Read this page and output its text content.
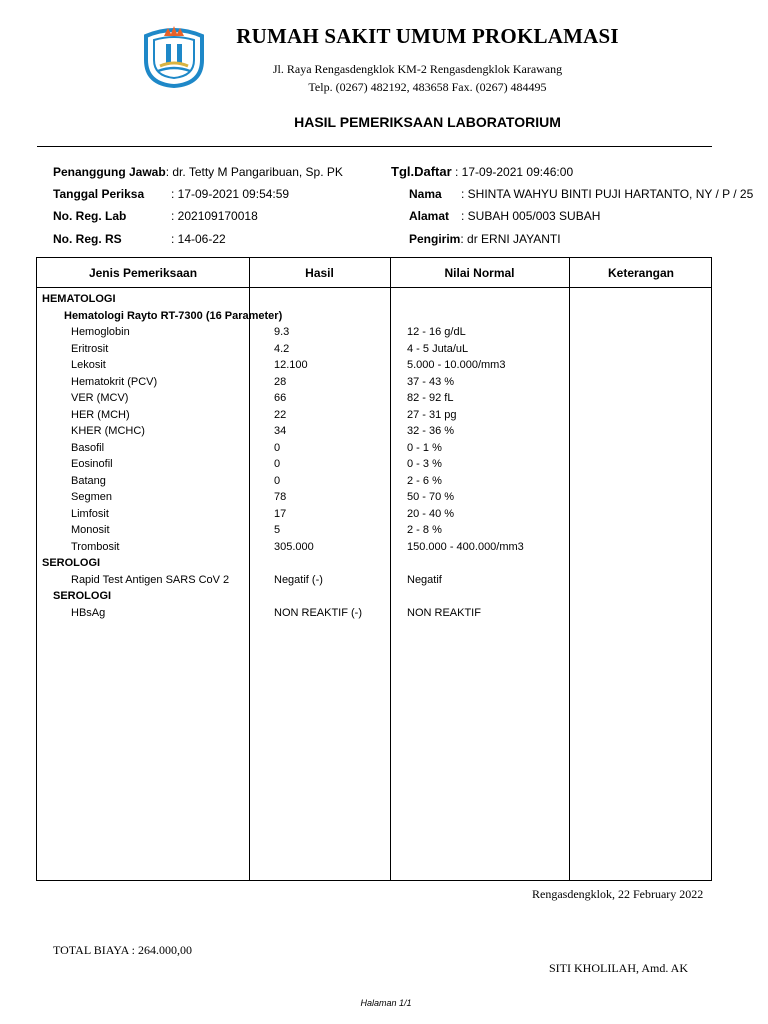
RUMAH SAKIT UMUM PROKLAMASI
Jl. Raya Rengasdengklok KM-2 Rengasdengklok Karawang
Telp. (0267) 482192, 483658 Fax. (0267) 484495
HASIL PEMERIKSAAN LABORATORIUM
Penanggung Jawab: dr. Tetty M Pangaribuan, Sp. PK
Tanggal Periksa : 17-09-2021 09:54:59
No. Reg. Lab	: 202109170018
No. Reg. RS	: 14-06-22
Tgl.Daftar : 17-09-2021 09:46:00
Nama : SHINTA WAHYU BINTI PUJI HARTANTO, NY / P / 25
Alamat : SUBAH 005/003 SUBAH
Pengirim: dr ERNI JAYANTI
Jenis Pemeriksaan	Hasil	Nilai Normal	Keterangan
HEMATOLOGI
Hematologi Rayto RT-7300 (16 Parameter)
Hemoglobin	9.3	12 - 16 g/dL
Eritrosit	4.2	4 - 5 Juta/uL
Lekosit	12.100	5.000 - 10.000/mm3
Hematokrit (PCV)	28	37 - 43 %
VER (MCV)	66	82 - 92 fL
HER (MCH)	22	27 - 31 pg
KHER (MCHC)	34	32 - 36 %
Basofil	0	0 - 1 %
Eosinofil	0	0 - 3 %
Batang	0	2 - 6 %
Segmen	78	50 - 70 %
Limfosit	17	20 - 40 %
Monosit	5	2 - 8 %
Trombosit	305.000	150.000 - 400.000/mm3
SEROLOGI
Rapid Test Antigen SARS CoV 2	Negatif (-)	Negatif
SEROLOGI
HBsAg	NON REAKTIF (-)	NON REAKTIF
Rengasdengklok, 22 February 2022
TOTAL BIAYA : 264.000,00
SITI KHOLILAH, Amd. AK
Halaman 1/1
